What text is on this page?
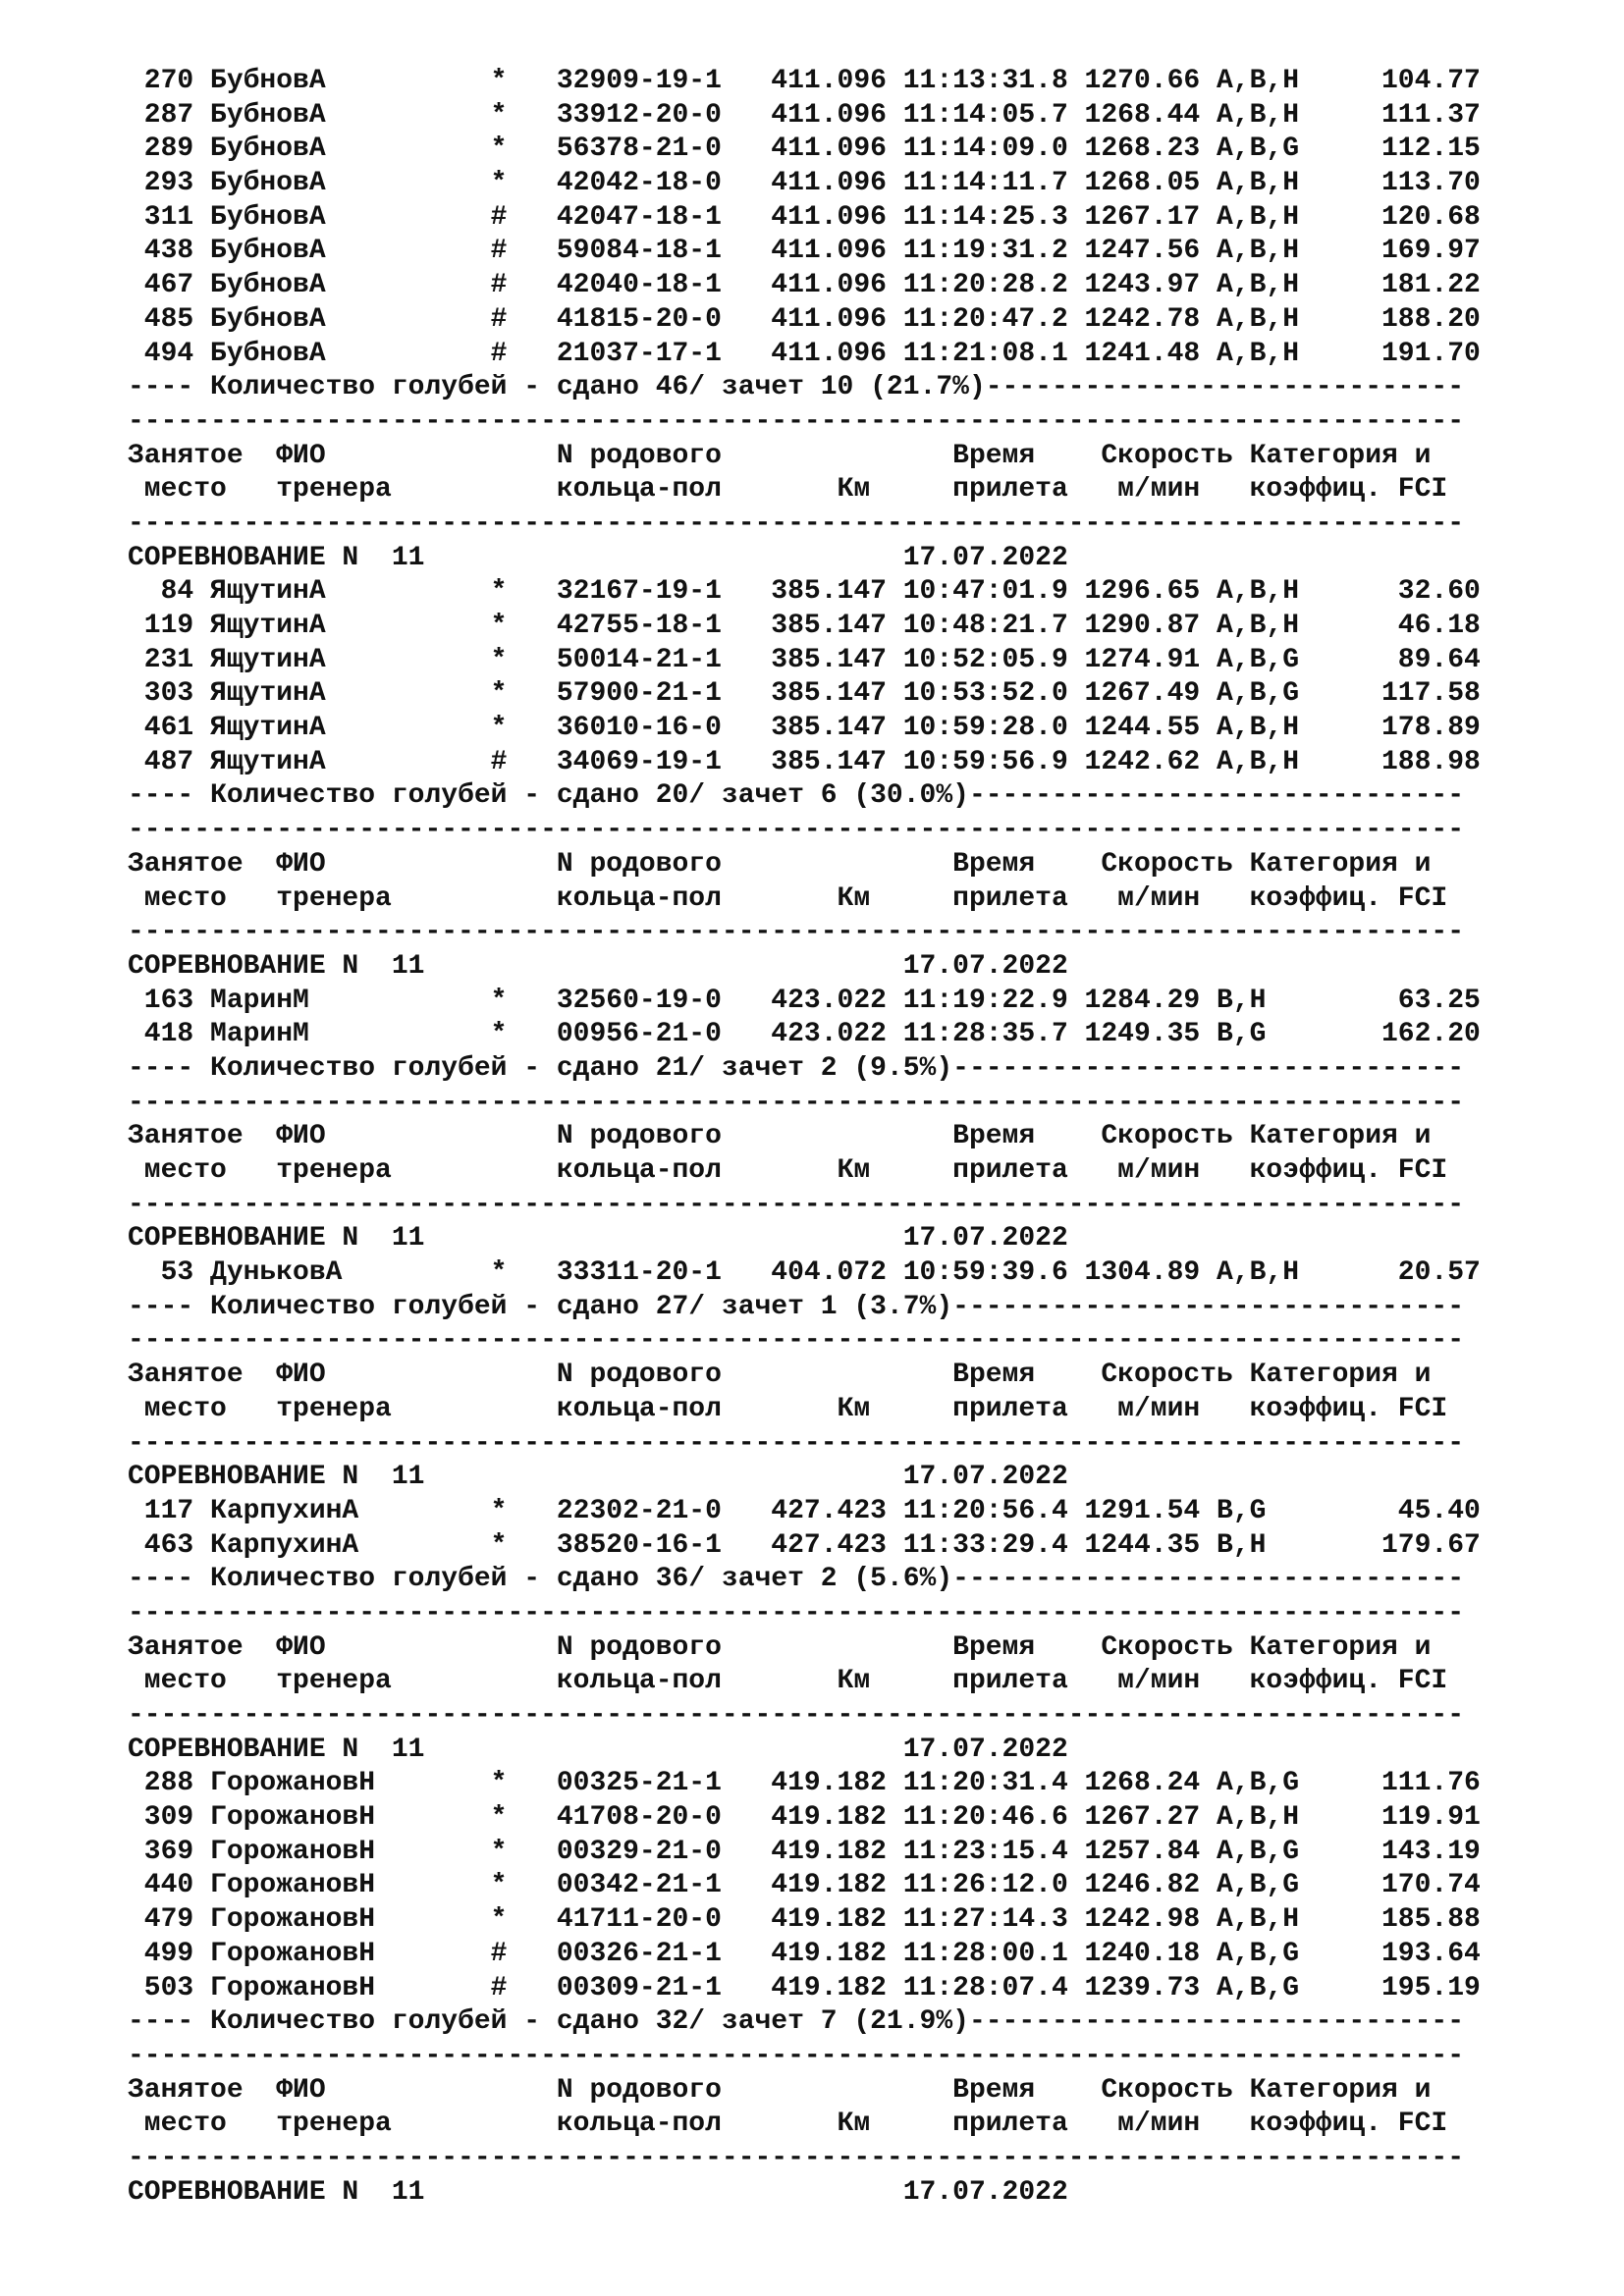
270 БубновA          *   32909-19-1   411.096 11:13:31.8 1270.66 A,B,H     104.77
287 БубновA          *   33912-20-0   411.096 11:14:05.7 1268.44 A,B,H     111.37
289 БубновA          *   56378-21-0   411.096 11:14:09.0 1268.23 A,B,G     112.15
293 БубновA          *   42042-18-0   411.096 11:14:11.7 1268.05 A,B,H     113.70
311 БубновA          #   42047-18-1   411.096 11:14:25.3 1267.17 A,B,H     120.68
438 БубновA          #   59084-18-1   411.096 11:19:31.2 1247.56 A,B,H     169.97
467 БубновA          #   42040-18-1   411.096 11:20:28.2 1243.97 A,B,H     181.22
485 БубновA          #   41815-20-0   411.096 11:20:47.2 1242.78 A,B,H     188.20
494 БубновA          #   21037-17-1   411.096 11:21:08.1 1241.48 A,B,H     191.70
---- Количество голубей - сдано 46/ зачет 10 (21.7%)-----------------------------
---------------------------------------------------------------------------------
Занятое  ФИО              N родового              Время    Скорость Категория и
место   тренера          кольца-пол       Км     прилета   м/мин   коэффиц. FCI
---------------------------------------------------------------------------------
СОРЕВНОВАНИЕ N  11                             17.07.2022
84 ЯщутинA          *   32167-19-1   385.147 10:47:01.9 1296.65 A,B,H      32.60
119 ЯщутинA          *   42755-18-1   385.147 10:48:21.7 1290.87 A,B,H      46.18
231 ЯщутинA          *   50014-21-1   385.147 10:52:05.9 1274.91 A,B,G      89.64
303 ЯщутинA          *   57900-21-1   385.147 10:53:52.0 1267.49 A,B,G     117.58
461 ЯщутинA          *   36010-16-0   385.147 10:59:28.0 1244.55 A,B,H     178.89
487 ЯщутинA          #   34069-19-1   385.147 10:59:56.9 1242.62 A,B,H     188.98
---- Количество голубей - сдано 20/ зачет 6 (30.0%)------------------------------
---------------------------------------------------------------------------------
Занятое  ФИО              N родового              Время    Скорость Категория и
место   тренера          кольца-пол       Км     прилета   м/мин   коэффиц. FCI
---------------------------------------------------------------------------------
СОРЕВНОВАНИЕ N  11                             17.07.2022
163 МаринМ           *   32560-19-0   423.022 11:19:22.9 1284.29 B,H        63.25
418 МаринМ           *   00956-21-0   423.022 11:28:35.7 1249.35 B,G       162.20
---- Количество голубей - сдано 21/ зачет 2 (9.5%)-------------------------------
---------------------------------------------------------------------------------
Занятое  ФИО              N родового              Время    Скорость Категория и
место   тренера          кольца-пол       Км     прилета   м/мин   коэффиц. FCI
---------------------------------------------------------------------------------
СОРЕВНОВАНИЕ N  11                             17.07.2022
53 ДуньковA         *   33311-20-1   404.072 10:59:39.6 1304.89 A,B,H      20.57
---- Количество голубей - сдано 27/ зачет 1 (3.7%)-------------------------------
---------------------------------------------------------------------------------
Занятое  ФИО              N родового              Время    Скорость Категория и
место   тренера          кольца-пол       Км     прилета   м/мин   коэффиц. FCI
---------------------------------------------------------------------------------
СОРЕВНОВАНИЕ N  11                             17.07.2022
117 КарпухинA        *   22302-21-0   427.423 11:20:56.4 1291.54 B,G        45.40
463 КарпухинA        *   38520-16-1   427.423 11:33:29.4 1244.35 B,H       179.67
---- Количество голубей - сдано 36/ зачет 2 (5.6%)-------------------------------
---------------------------------------------------------------------------------
Занятое  ФИО              N родового              Время    Скорость Категория и
место   тренера          кольца-пол       Км     прилета   м/мин   коэффиц. FCI
---------------------------------------------------------------------------------
СОРЕВНОВАНИЕ N  11                             17.07.2022
288 ГорожановН       *   00325-21-1   419.182 11:20:31.4 1268.24 A,B,G     111.76
309 ГорожановН       *   41708-20-0   419.182 11:20:46.6 1267.27 A,B,H     119.91
369 ГорожановН       *   00329-21-0   419.182 11:23:15.4 1257.84 A,B,G     143.19
440 ГорожановН       *   00342-21-1   419.182 11:26:12.0 1246.82 A,B,G     170.74
479 ГорожановН       *   41711-20-0   419.182 11:27:14.3 1242.98 A,B,H     185.88
499 ГорожановН       #   00326-21-1   419.182 11:28:00.1 1240.18 A,B,G     193.64
503 ГорожановН       #   00309-21-1   419.182 11:28:07.4 1239.73 A,B,G     195.19
---- Количество голубей - сдано 32/ зачет 7 (21.9%)------------------------------
---------------------------------------------------------------------------------
Занятое  ФИО              N родового              Время    Скорость Категория и
место   тренера          кольца-пол       Км     прилета   м/мин   коэффиц. FCI
---------------------------------------------------------------------------------
СОРЕВНОВАНИЕ N  11                             17.07.2022
